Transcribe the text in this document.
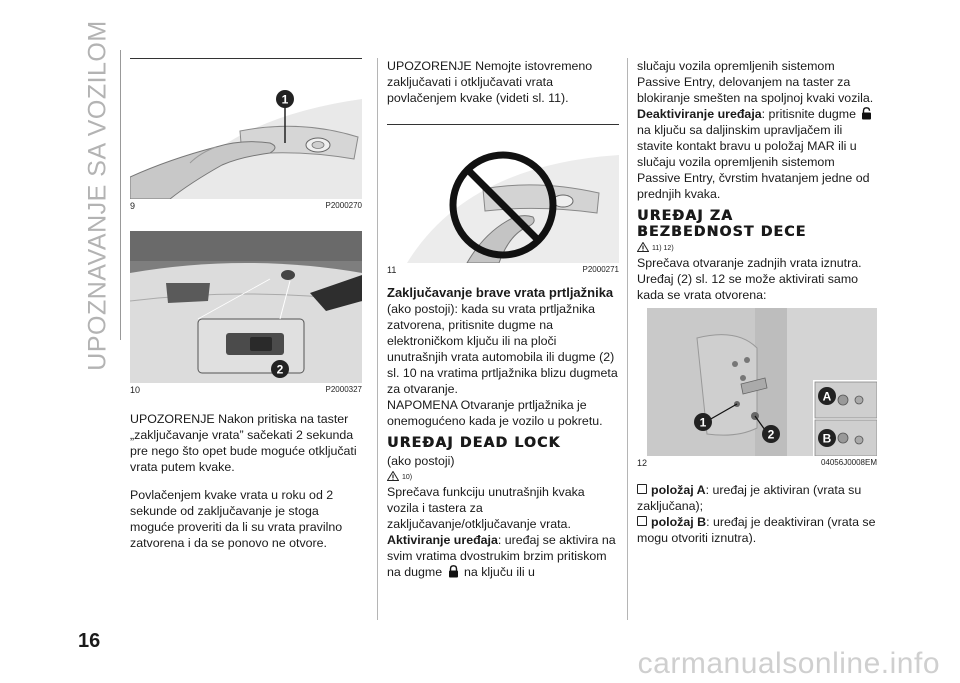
UPOZNAVANJE SA VOZILOM
16
carmanualsonline.info
1
9	P2000270
2
10	P2000327

UPOZORENJE Nakon pritiska na taster „zaključavanje vrata” sačekati 2 sekunda pre nego što opet bude moguće otključati vrata putem kvake.

Povlačenjem kvake vrata u roku od 2 sekunde od zaključavanje je stoga moguće proveriti da li su vrata pravilno zatvorena i da se ponovo ne otvore.

UPOZORENJE Nemojte istovremeno zaključavati i otključavati vrata povlačenjem kvake (videti sl. 11).

11	P2000271

Zaključavanje brave vrata prtljažnika (ako postoji): kada su vrata prtljažnika zatvorena, pritisnite dugme na elektroničkom ključu ili na ploči unutrašnjih vrata automobila ili dugme (2) sl. 10 na vratima prtljažnika blizu dugmeta za otvaranje.

NAPOMENA Otvaranje prtljažnika je onemogućeno kada je vozilo u pokretu.

UREĐAJ DEAD LOCK

(ako postoji)

10)

Sprečava funkciju unutrašnjih kvaka vozila i tastera za zaključavanje/otključavanje vrata.

Aktiviranje uređaja: uređaj se aktivira na svim vratima dvostrukim brzim pritiskom na dugme  na ključu ili u

slučaju vozila opremljenih sistemom Passive Entry, delovanjem na taster za blokiranje smešten na spoljnoj kvaki vozila.

Deaktiviranje uređaja: pritisnite dugme  na ključu sa daljinskim upravljačem ili stavite kontakt bravu u položaj MAR ili u slučaju vozila opremljenih sistemom Passive Entry, čvrstim hvatanjem jedne od prednjih kvaka.

UREĐAJ ZA BEZBEDNOST DECE
11) 12)

Sprečava otvaranje zadnjih vrata iznutra.

Uređaj (2) sl. 12 se može aktivirati samo kada se vrata otvorena:

1
2
A
B
12	04056J0008EM

položaj A: uređaj je aktiviran (vrata su zaključana);

položaj B: uređaj je deaktiviran (vrata se mogu otvoriti iznutra).
